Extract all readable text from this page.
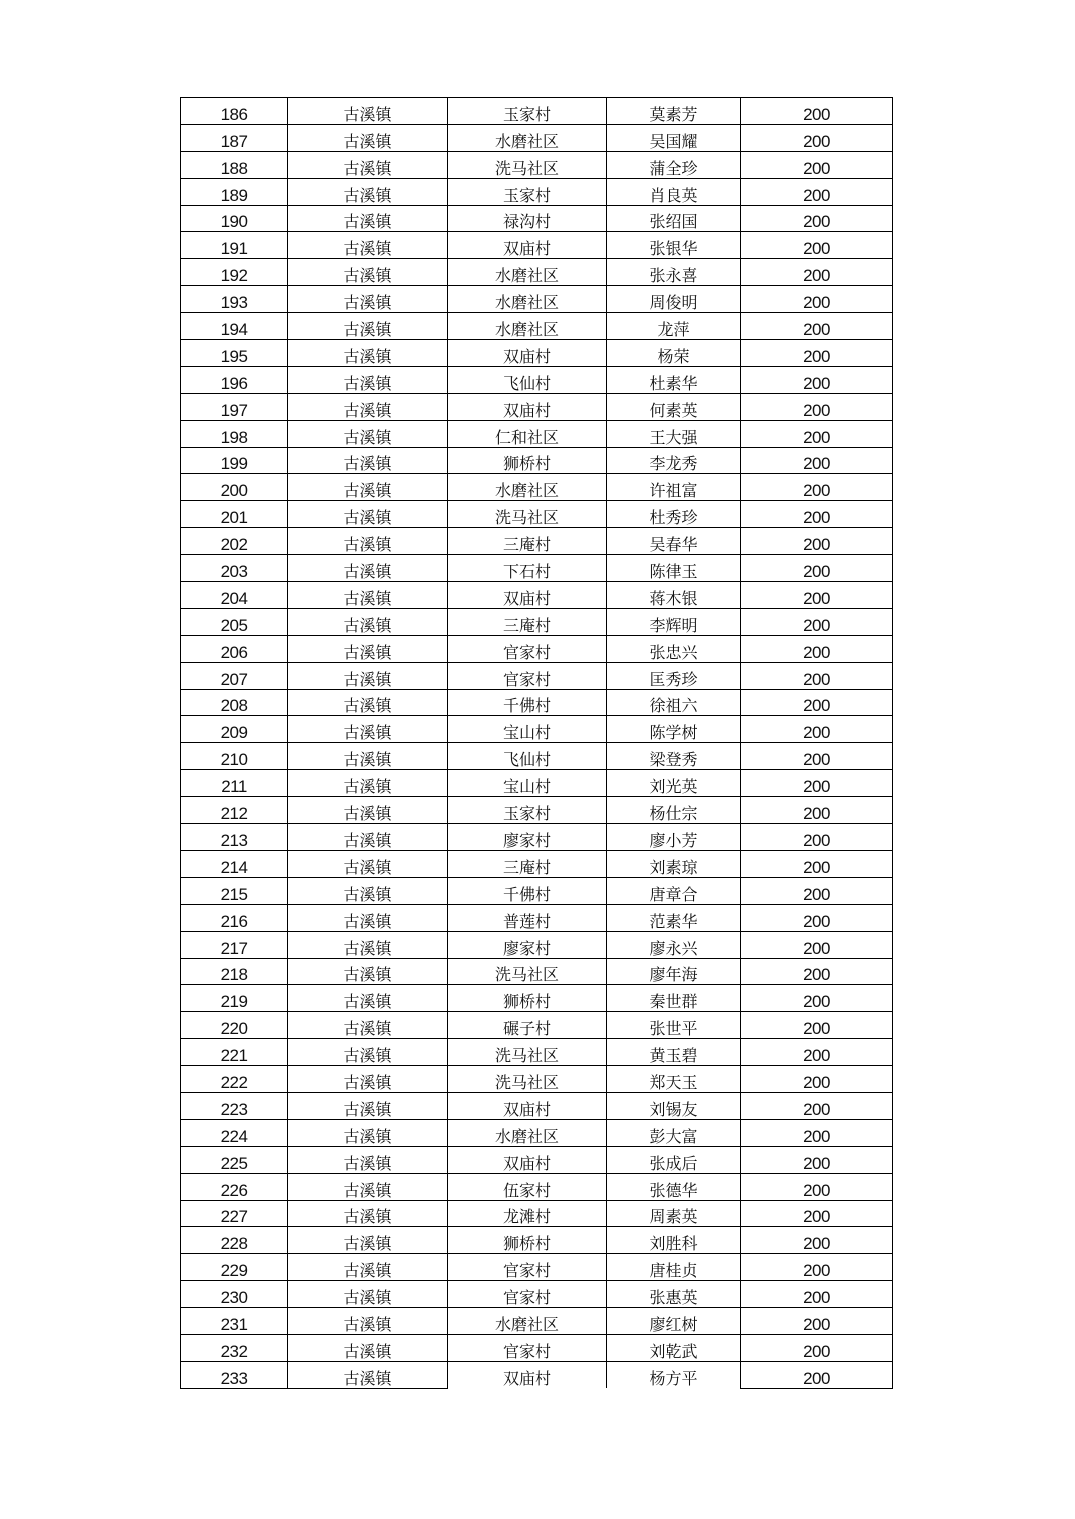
186	古溪镇	玉家村	莫素芳	200
187	古溪镇	水磨社区	吴国耀	200
188	古溪镇	洗马社区	蒲全珍	200
189	古溪镇	玉家村	肖良英	200
190	古溪镇	禄沟村	张绍国	200
191	古溪镇	双庙村	张银华	200
192	古溪镇	水磨社区	张永喜	200
193	古溪镇	水磨社区	周俊明	200
194	古溪镇	水磨社区	龙萍	200
195	古溪镇	双庙村	杨荣	200
196	古溪镇	飞仙村	杜素华	200
197	古溪镇	双庙村	何素英	200
198	古溪镇	仁和社区	王大强	200
199	古溪镇	狮桥村	李龙秀	200
200	古溪镇	水磨社区	许祖富	200
201	古溪镇	洗马社区	杜秀珍	200
202	古溪镇	三庵村	吴春华	200
203	古溪镇	下石村	陈律玉	200
204	古溪镇	双庙村	蒋木银	200
205	古溪镇	三庵村	李辉明	200
206	古溪镇	官家村	张忠兴	200
207	古溪镇	官家村	匡秀珍	200
208	古溪镇	千佛村	徐祖六	200
209	古溪镇	宝山村	陈学树	200
210	古溪镇	飞仙村	梁登秀	200
211	古溪镇	宝山村	刘光英	200
212	古溪镇	玉家村	杨仕宗	200
213	古溪镇	廖家村	廖小芳	200
214	古溪镇	三庵村	刘素琼	200
215	古溪镇	千佛村	唐章合	200
216	古溪镇	普莲村	范素华	200
217	古溪镇	廖家村	廖永兴	200
218	古溪镇	洗马社区	廖年海	200
219	古溪镇	狮桥村	秦世群	200
220	古溪镇	碾子村	张世平	200
221	古溪镇	洗马社区	黄玉碧	200
222	古溪镇	洗马社区	郑天玉	200
223	古溪镇	双庙村	刘锡友	200
224	古溪镇	水磨社区	彭大富	200
225	古溪镇	双庙村	张成后	200
226	古溪镇	伍家村	张德华	200
227	古溪镇	龙滩村	周素英	200
228	古溪镇	狮桥村	刘胜科	200
229	古溪镇	官家村	唐桂贞	200
230	古溪镇	官家村	张惠英	200
231	古溪镇	水磨社区	廖红树	200
232	古溪镇	官家村	刘乾武	200
233	古溪镇	双庙村	杨方平	200
